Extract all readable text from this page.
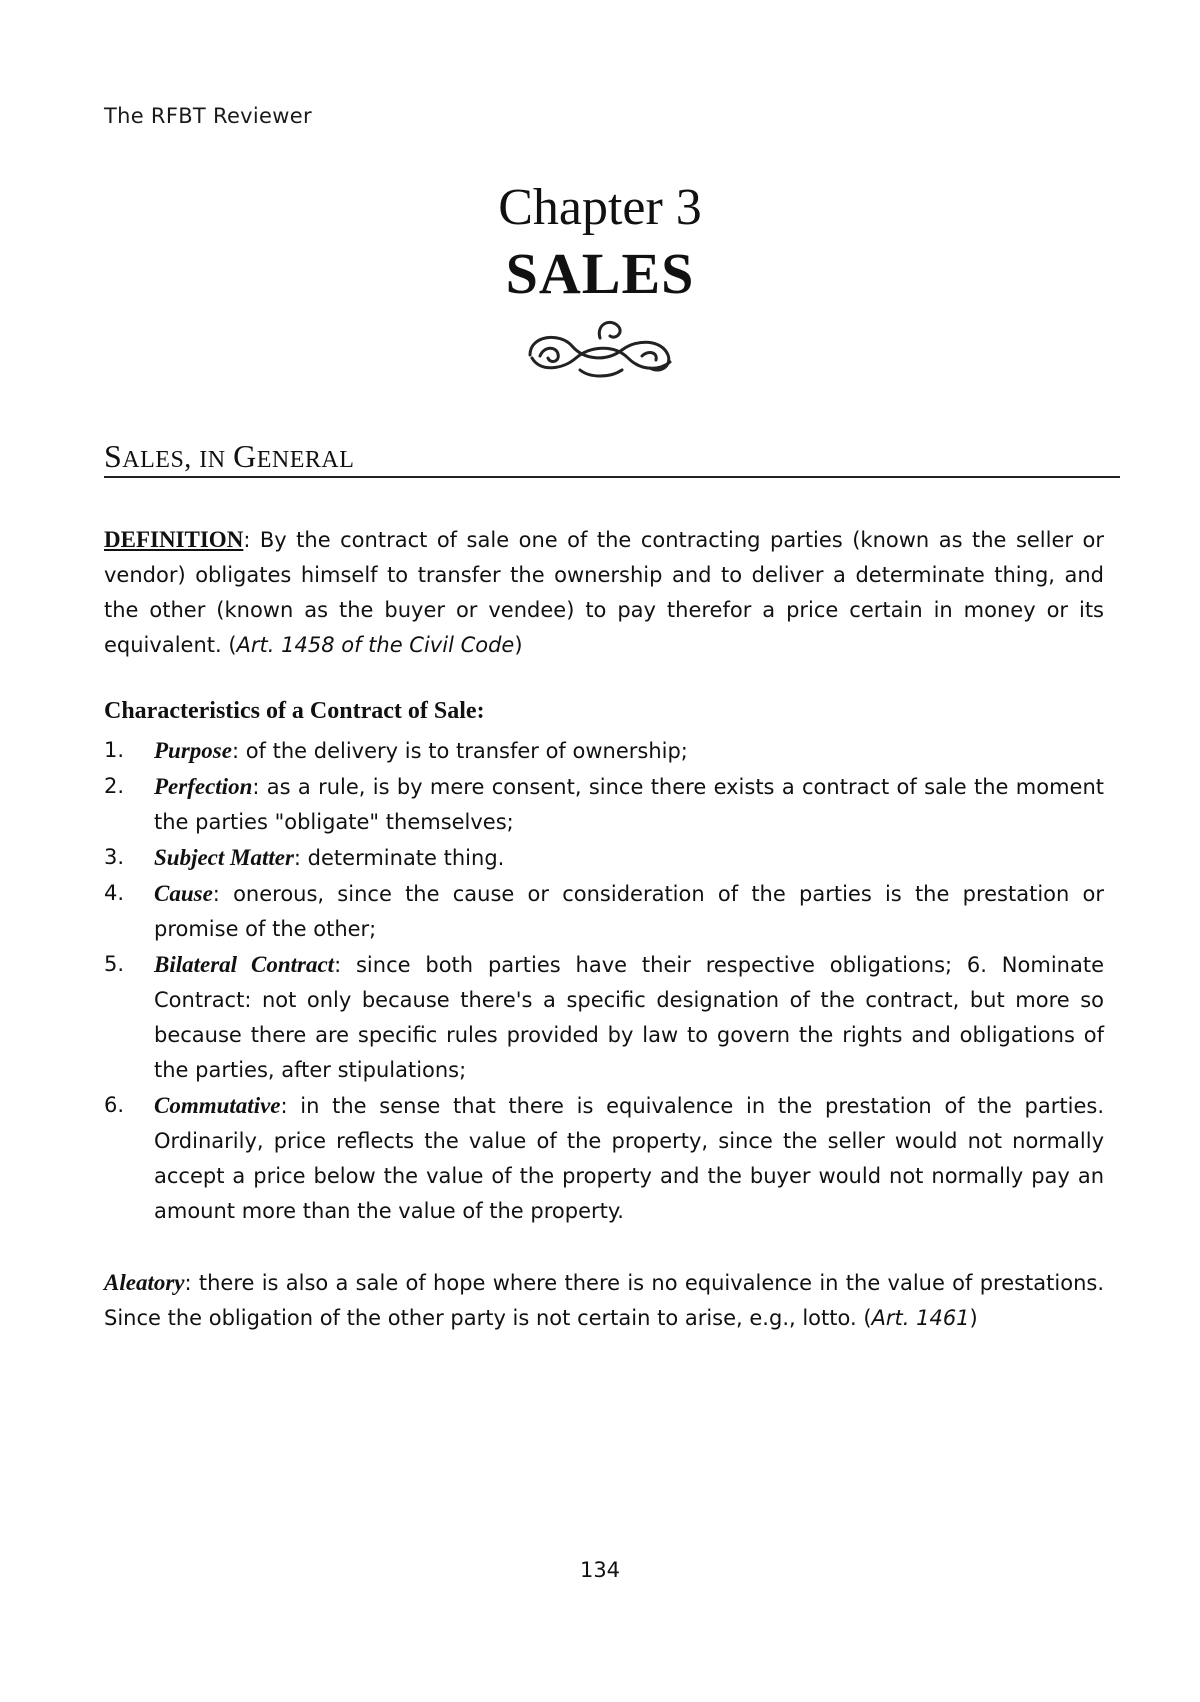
The RFBT Reviewer
Chapter 3
SALES
SALES, IN GENERAL

DEFINITION: By the contract of sale one of the contracting parties (known as the seller or vendor) obligates himself to transfer the ownership and to deliver a determinate thing, and the other (known as the buyer or vendee) to pay therefor a price certain in money or its equivalent. (Art. 1458 of the Civil Code)

Characteristics of a Contract of Sale:
1.	Purpose: of the delivery is to transfer of ownership;
2.	Perfection: as a rule, is by mere consent, since there exists a contract of sale the moment the parties "obligate" themselves;
3.	Subject Matter: determinate thing.
4.	Cause: onerous, since the cause or consideration of the parties is the prestation or promise of the other;
5.	Bilateral Contract: since both parties have their respective obligations; 6. Nominate Contract: not only because there's a specific designation of the contract, but more so because there are specific rules provided by law to govern the rights and obligations of the parties, after stipulations;
6.	Commutative: in the sense that there is equivalence in the prestation of the parties. Ordinarily, price reflects the value of the property, since the seller would not normally accept a price below the value of the property and the buyer would not normally pay an amount more than the value of the property.

Aleatory: there is also a sale of hope where there is no equivalence in the value of prestations. Since the obligation of the other party is not certain to arise, e.g., lotto. (Art. 1461)

134
